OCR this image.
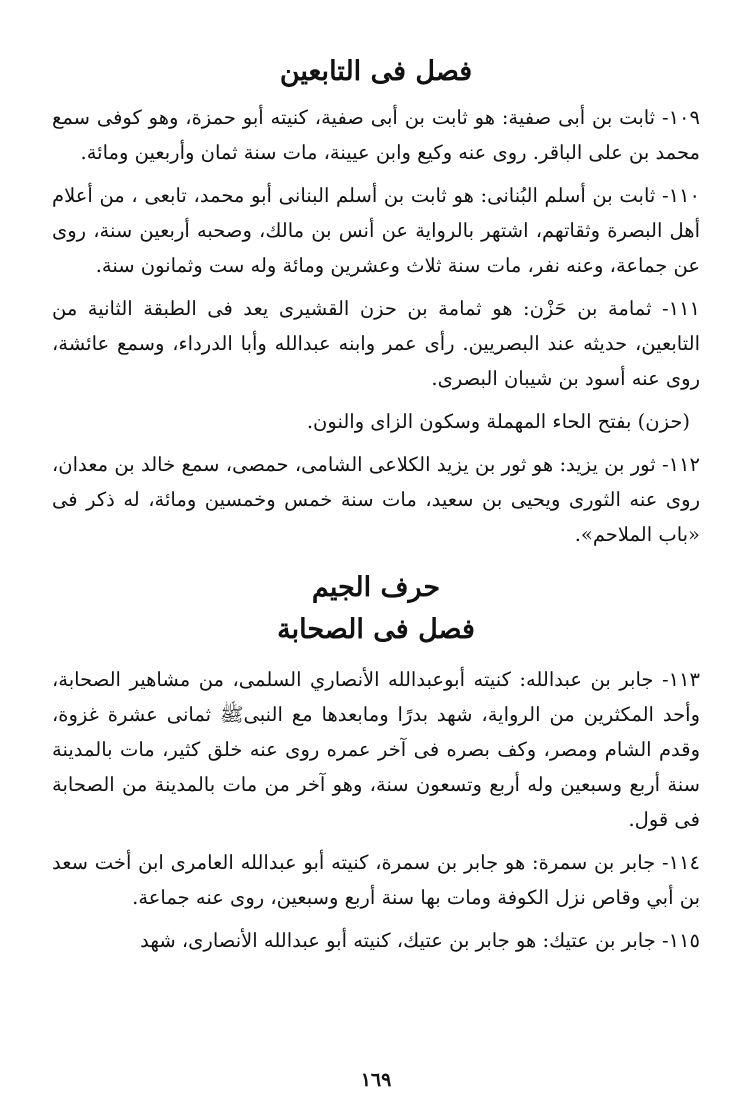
فصل فى التابعين

١٠٩- ثابت بن أبى صفية: هو ثابت بن أبى صفية، كنيته أبو حمزة، وهو كوفى سمع محمد بن على الباقر. روى عنه وكيع وابن عيينة، مات سنة ثمان وأربعين ومائة.

١١٠- ثابت بن أسلم البُنانى: هو ثابت بن أسلم البنانى أبو محمد، تابعى ، من أعلام أهل البصرة وثقاتهم، اشتهر بالرواية عن أنس بن مالك، وصحبه أربعين سنة، روى عن جماعة، وعنه نفر، مات سنة ثلاث وعشرين ومائة وله ست وثمانون سنة.

١١١- ثمامة بن حَزْن: هو ثمامة بن حزن القشيرى يعد فى الطبقة الثانية من التابعين، حديثه عند البصريين. رأى عمر وابنه عبدالله وأبا الدرداء، وسمع عائشة، روى عنه أسود بن شيبان البصرى.

(حزن) بفتح الحاء المهملة وسكون الزاى والنون.

١١٢- ثور بن يزيد: هو ثور بن يزيد الكلاعى الشامى، حمصى، سمع خالد بن معدان، روى عنه الثورى ويحيى بن سعيد، مات سنة خمس وخمسين ومائة، له ذكر فى «باب الملاحم».

حرف الجيم
فصل فى الصحابة

١١٣- جابر بن عبدالله: كنيته أبوعبدالله الأنصاري السلمى، من مشاهير الصحابة، وأحد المكثرين من الرواية، شهد بدرًا ومابعدها مع النبىﷺ ثمانى عشرة غزوة، وقدم الشام ومصر، وكف بصره فى آخر عمره روى عنه خلق كثير، مات بالمدينة سنة أربع وسبعين وله أربع وتسعون سنة، وهو آخر من مات بالمدينة من الصحابة فى قول.

١١٤- جابر بن سمرة: هو جابر بن سمرة، كنيته أبو عبدالله العامرى ابن أخت سعد بن أبي وقاص نزل الكوفة ومات بها سنة أربع وسبعين، روى عنه جماعة.

١١٥- جابر بن عتيك: هو جابر بن عتيك، كنيته أبو عبدالله الأنصارى، شهد

١٦٩
